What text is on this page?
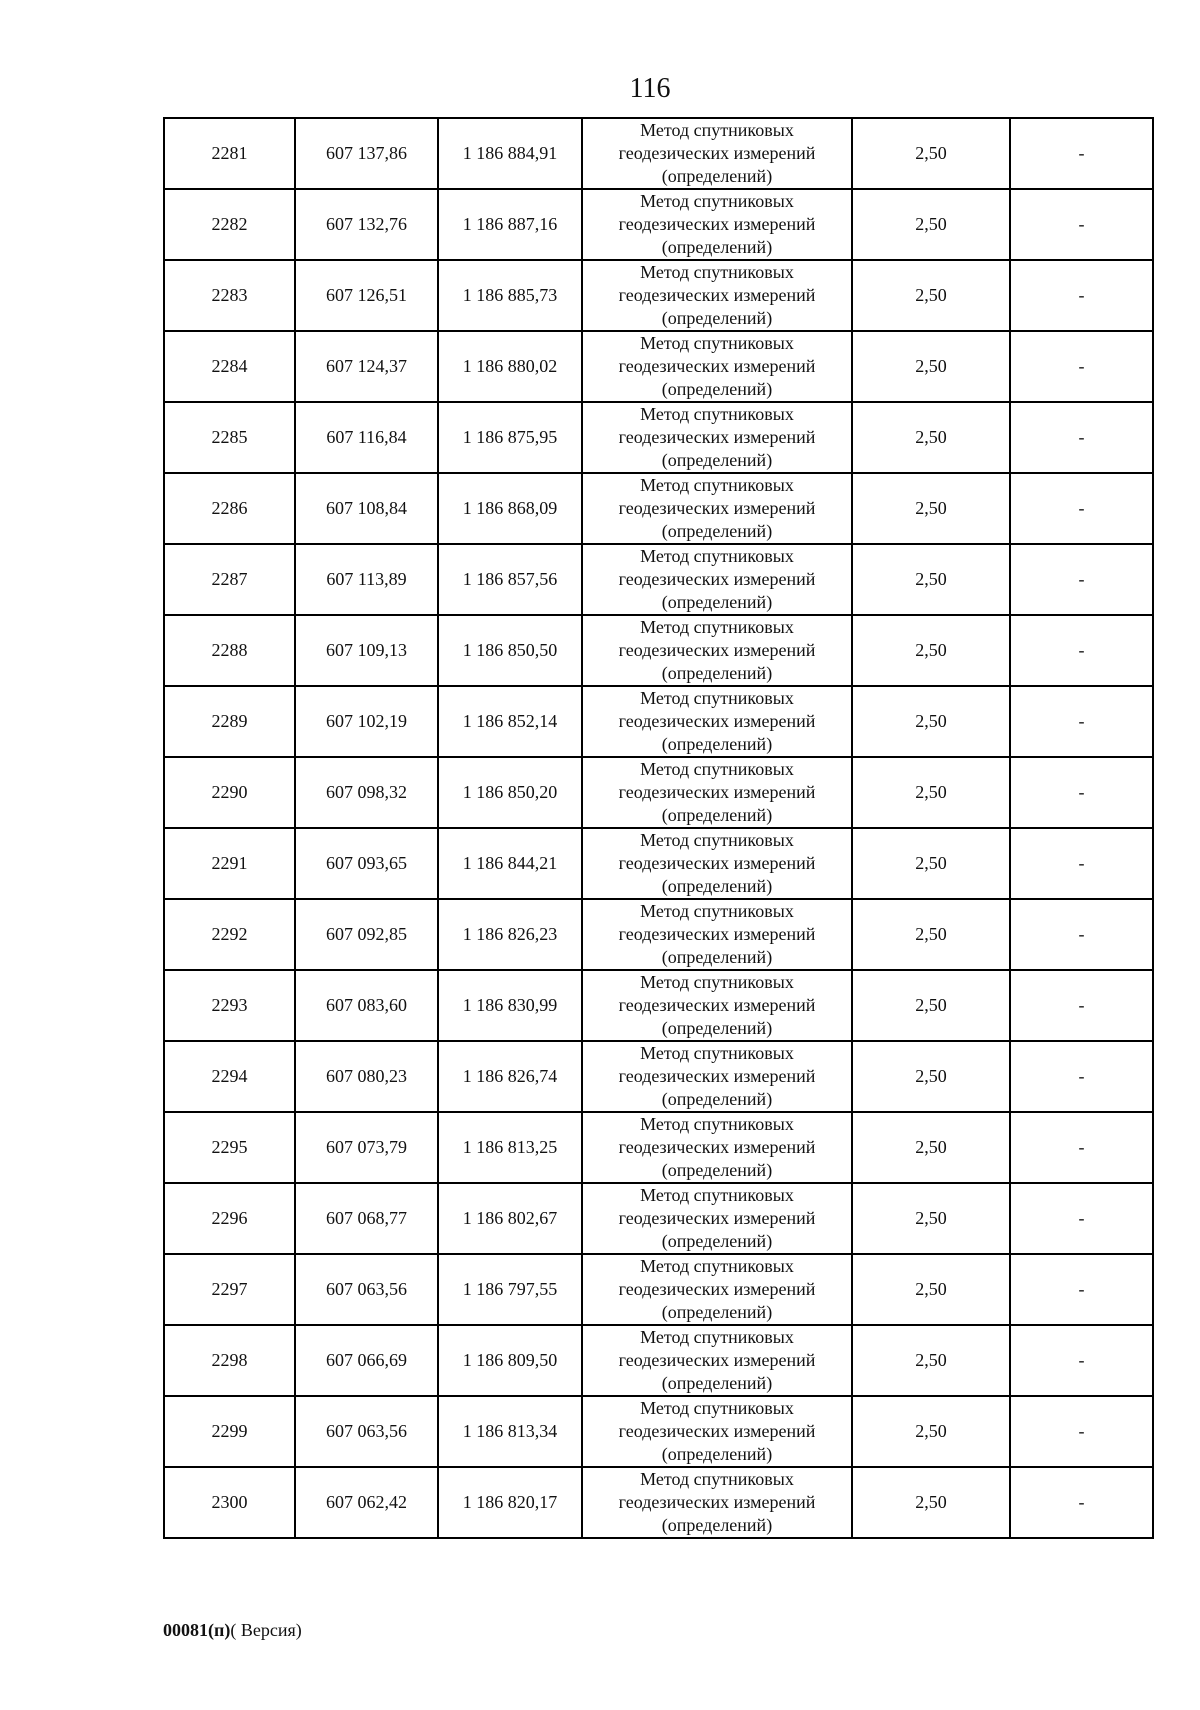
116
2281	607 137,86	1 186 884,91	Метод спутниковых
геодезических измерений
(определений)	2,50	-
2282	607 132,76	1 186 887,16	Метод спутниковых
геодезических измерений
(определений)	2,50	-
2283	607 126,51	1 186 885,73	Метод спутниковых
геодезических измерений
(определений)	2,50	-
2284	607 124,37	1 186 880,02	Метод спутниковых
геодезических измерений
(определений)	2,50	-
2285	607 116,84	1 186 875,95	Метод спутниковых
геодезических измерений
(определений)	2,50	-
2286	607 108,84	1 186 868,09	Метод спутниковых
геодезических измерений
(определений)	2,50	-
2287	607 113,89	1 186 857,56	Метод спутниковых
геодезических измерений
(определений)	2,50	-
2288	607 109,13	1 186 850,50	Метод спутниковых
геодезических измерений
(определений)	2,50	-
2289	607 102,19	1 186 852,14	Метод спутниковых
геодезических измерений
(определений)	2,50	-
2290	607 098,32	1 186 850,20	Метод спутниковых
геодезических измерений
(определений)	2,50	-
2291	607 093,65	1 186 844,21	Метод спутниковых
геодезических измерений
(определений)	2,50	-
2292	607 092,85	1 186 826,23	Метод спутниковых
геодезических измерений
(определений)	2,50	-
2293	607 083,60	1 186 830,99	Метод спутниковых
геодезических измерений
(определений)	2,50	-
2294	607 080,23	1 186 826,74	Метод спутниковых
геодезических измерений
(определений)	2,50	-
2295	607 073,79	1 186 813,25	Метод спутниковых
геодезических измерений
(определений)	2,50	-
2296	607 068,77	1 186 802,67	Метод спутниковых
геодезических измерений
(определений)	2,50	-
2297	607 063,56	1 186 797,55	Метод спутниковых
геодезических измерений
(определений)	2,50	-
2298	607 066,69	1 186 809,50	Метод спутниковых
геодезических измерений
(определений)	2,50	-
2299	607 063,56	1 186 813,34	Метод спутниковых
геодезических измерений
(определений)	2,50	-
2300	607 062,42	1 186 820,17	Метод спутниковых
геодезических измерений
(определений)	2,50	-
00081(п)( Версия)
